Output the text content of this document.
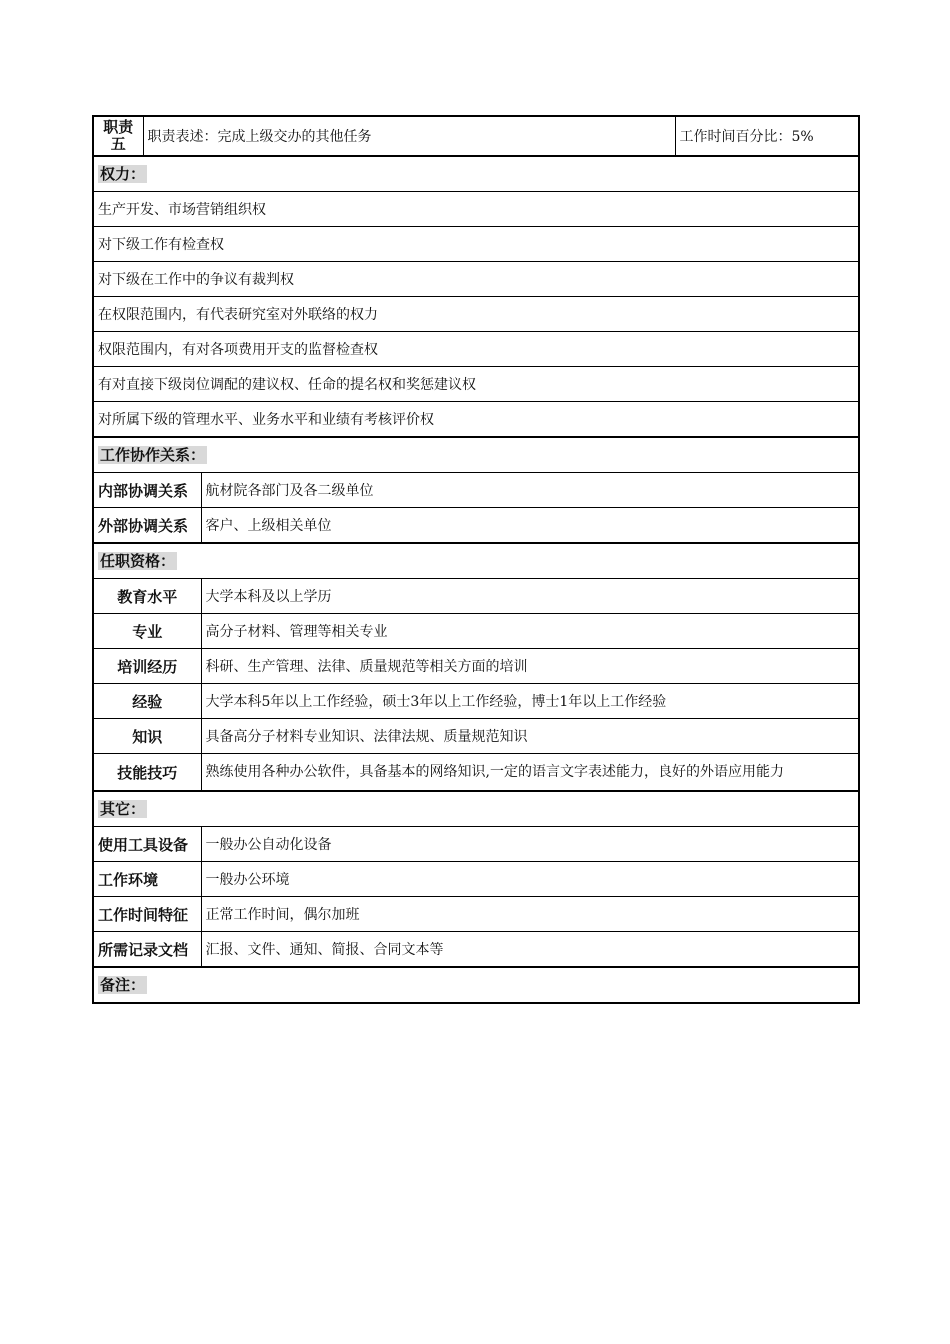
职责
五	职责表述：完成上级交办的其他任务		工作时间百分比：5%
权力：			
生产开发、市场营销组织权			
对下级工作有检查权			
对下级在工作中的争议有裁判权			
在权限范围内，有代表研究室对外联络的权力			
权限范围内，有对各项费用开支的监督检查权			
有对直接下级岗位调配的建议权、任命的提名权和奖惩建议权			
对所属下级的管理水平、业务水平和业绩有考核评价权			
工作协作关系：			
内部协调关系		航材院各部门及各二级单位	
外部协调关系		客户、上级相关单位	
任职资格：			
教育水平		大学本科及以上学历	
专业		高分子材料、管理等相关专业	
培训经历		科研、生产管理、法律、质量规范等相关方面的培训	
经验		大学本科5年以上工作经验，硕士3年以上工作经验，博士1年以上工作经验	
知识		具备高分子材料专业知识、法律法规、质量规范知识	
技能技巧		熟练使用各种办公软件，具备基本的网络知识,一定的语言文字表述能力，良好的外语应用能力	
其它：			
使用工具设备		一般办公自动化设备	
工作环境		一般办公环境	
工作时间特征		正常工作时间，偶尔加班	
所需记录文档		汇报、文件、通知、简报、合同文本等	
备注：			
